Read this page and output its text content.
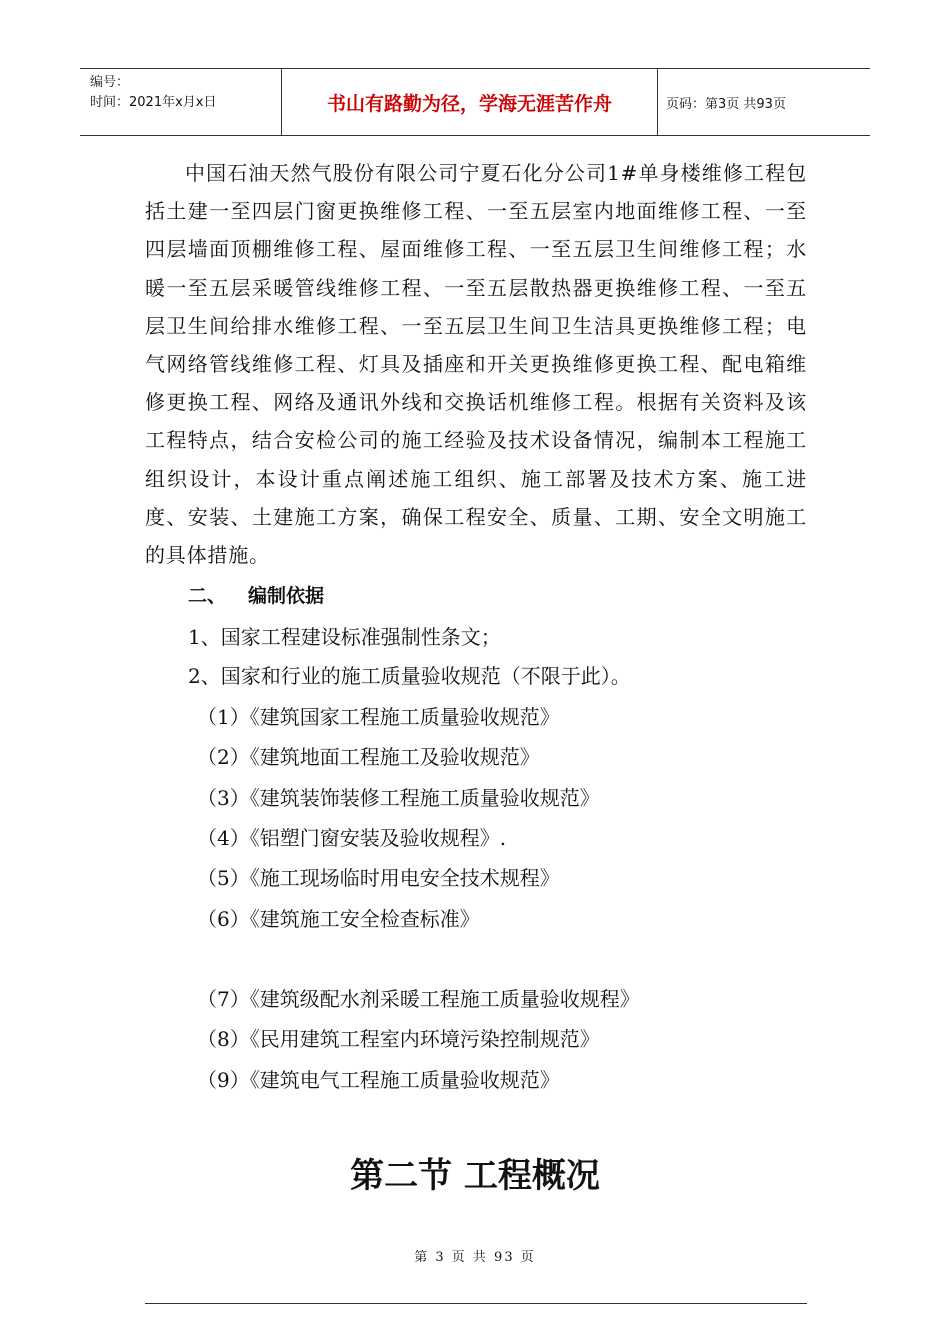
编号：
时间：2021年x月x日	书山有路勤为径，学海无涯苦作舟	页码：第3页 共93页
中国石油天然气股份有限公司宁夏石化分公司1#单身楼维修工程包括土建一至四层门窗更换维修工程、一至五层室内地面维修工程、一至四层墙面顶棚维修工程、屋面维修工程、一至五层卫生间维修工程；水暖一至五层采暖管线维修工程、一至五层散热器更换维修工程、一至五层卫生间给排水维修工程、一至五层卫生间卫生洁具更换维修工程；电气网络管线维修工程、灯具及插座和开关更换维修更换工程、配电箱维修更换工程、网络及通讯外线和交换话机维修工程。根据有关资料及该工程特点，结合安检公司的施工经验及技术设备情况，编制本工程施工组织设计，本设计重点阐述施工组织、施工部署及技术方案、施工进度、安装、土建施工方案，确保工程安全、质量、工期、安全文明施工的具体措施。
二、 编制依据
1、国家工程建设标准强制性条文；
2、国家和行业的施工质量验收规范（不限于此）。
（1）《建筑国家工程施工质量验收规范》
（2）《建筑地面工程施工及验收规范》
（3）《建筑装饰装修工程施工质量验收规范》
（4）《铝塑门窗安装及验收规程》.
（5）《施工现场临时用电安全技术规程》
（6）《建筑施工安全检查标准》
（7）《建筑级配水剂采暖工程施工质量验收规程》
（8）《民用建筑工程室内环境污染控制规范》
（9）《建筑电气工程施工质量验收规范》
第二节 工程概况
第 3 页 共 93 页
